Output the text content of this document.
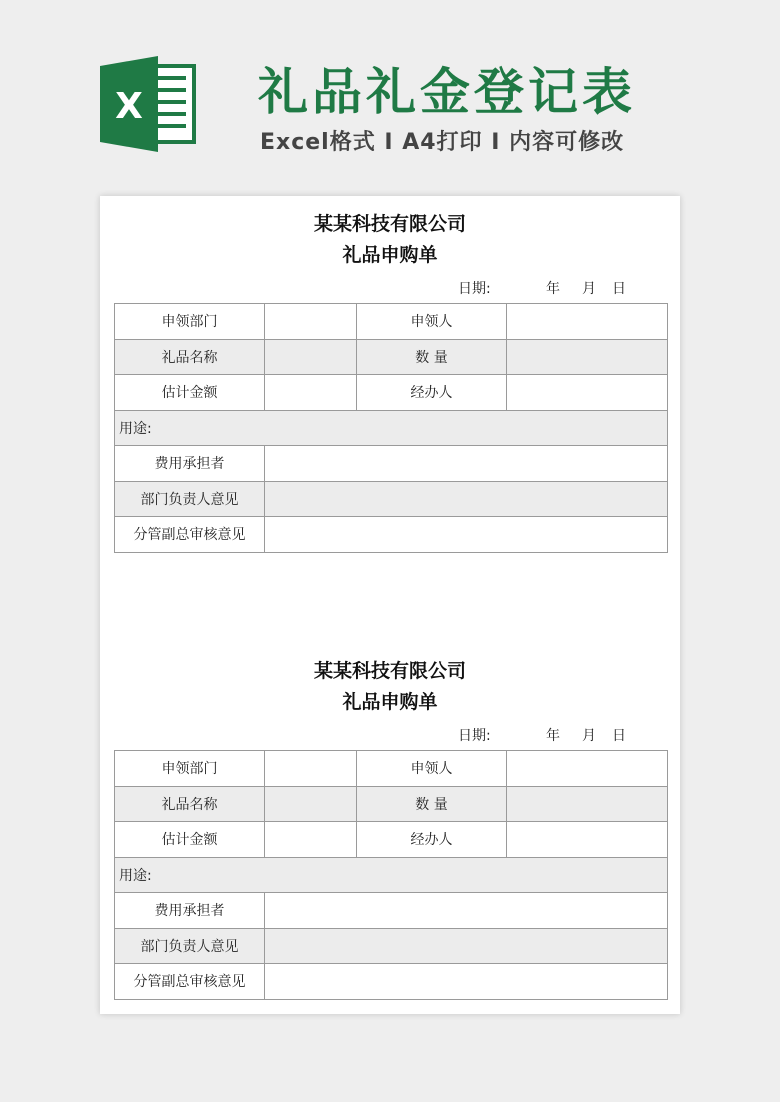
X 礼品礼金登记表
Excel格式 I A4打印 I 内容可修改
某某科技有限公司
礼品申购单
日期:	年 月 日
申领部门		申领人	
礼品名称		数 量	
估计金额		经办人	
用途:			
费用承担者			
部门负责人意见			
分管副总审核意见			
某某科技有限公司
礼品申购单
日期:	年 月 日
申领部门		申领人	
礼品名称		数 量	
估计金额		经办人	
用途:			
费用承担者			
部门负责人意见			
分管副总审核意见			
